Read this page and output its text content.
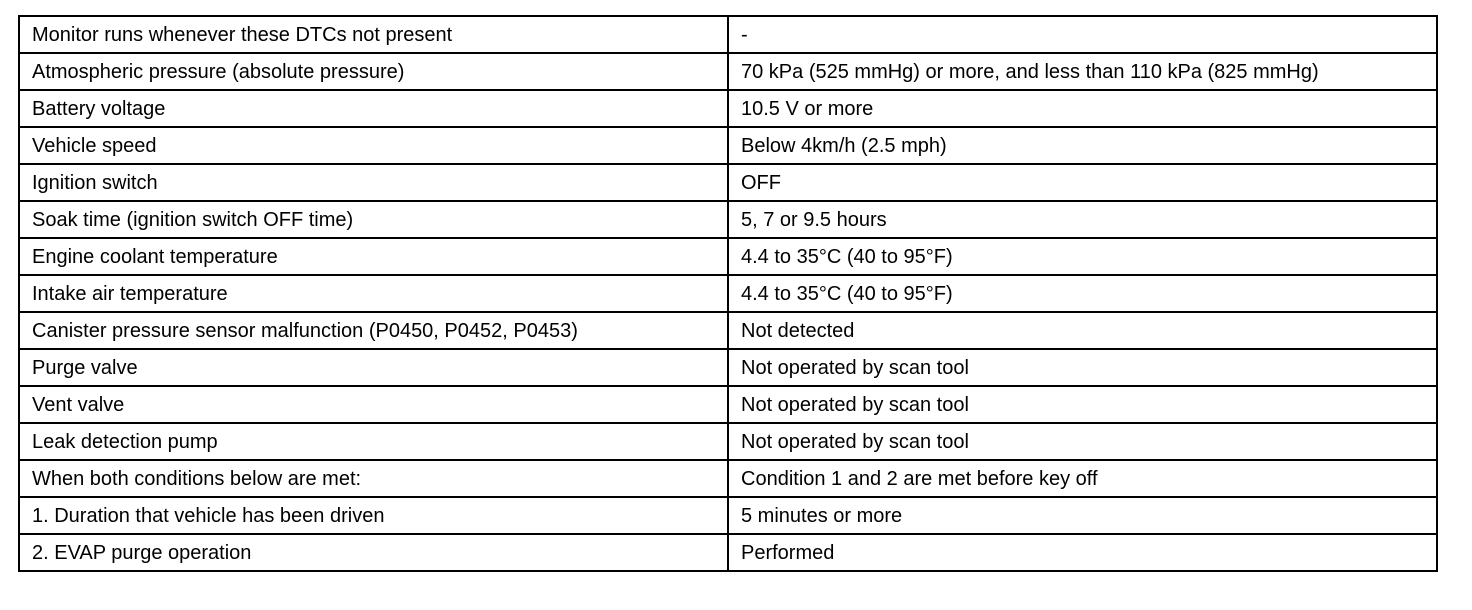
Monitor runs whenever these DTCs not present	-
Atmospheric pressure (absolute pressure)	70 kPa (525 mmHg) or more, and less than 110 kPa (825 mmHg)
Battery voltage	10.5 V or more
Vehicle speed	Below 4km/h (2.5 mph)
Ignition switch	OFF
Soak time (ignition switch OFF time)	5, 7 or 9.5 hours
Engine coolant temperature	4.4 to 35°C (40 to 95°F)
Intake air temperature	4.4 to 35°C (40 to 95°F)
Canister pressure sensor malfunction (P0450, P0452, P0453)	Not detected
Purge valve	Not operated by scan tool
Vent valve	Not operated by scan tool
Leak detection pump	Not operated by scan tool
When both conditions below are met:	Condition 1 and 2 are met before key off
1. Duration that vehicle has been driven	5 minutes or more
2. EVAP purge operation	Performed
